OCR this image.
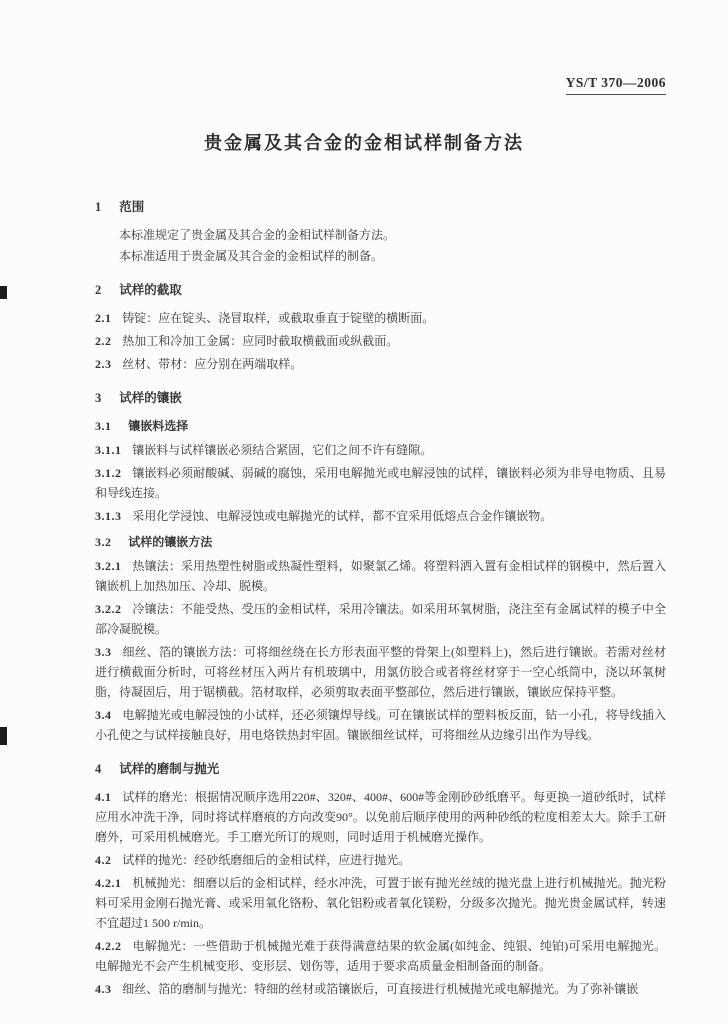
YS/T 370—2006
贵金属及其合金的金相试样制备方法
1 范围
本标准规定了贵金属及其合金的金相试样制备方法。
本标准适用于贵金属及其合金的金相试样的制备。
2 试样的截取
2.1 铸锭：应在锭头、浇冒取样，或截取垂直于锭壁的横断面。
2.2 热加工和冷加工金属：应同时截取横截面或纵截面。
2.3 丝材、带材：应分别在两端取样。
3 试样的镶嵌
3.1 镶嵌料选择
3.1.1 镶嵌料与试样镶嵌必须结合紧固，它们之间不许有缝隙。
3.1.2 镶嵌料必须耐酸碱、弱碱的腐蚀，采用电解抛光或电解浸蚀的试样，镶嵌料必须为非导电物质、且易和导线连接。
3.1.3 采用化学浸蚀、电解浸蚀或电解抛光的试样，都不宜采用低熔点合金作镶嵌物。
3.2 试样的镶嵌方法
3.2.1 热镶法：采用热塑性树脂或热凝性塑料，如聚氯乙烯。将塑料洒入置有金相试样的钢模中，然后置入镶嵌机上加热加压、冷却、脱模。
3.2.2 冷镶法：不能受热、受压的金相试样，采用冷镶法。如采用环氧树脂，浇注至有金属试样的模子中全部冷凝脱模。
3.3 细丝、箔的镶嵌方法：可将细丝绕在长方形表面平整的骨架上(如塑料上)，然后进行镶嵌。若需对丝材进行横截面分析时，可将丝材压入两片有机玻璃中，用氯仿胶合或者将丝材穿于一空心纸筒中，浇以环氧树脂，待凝固后，用于锯横截。箔材取样，必须剪取表面平整部位，然后进行镶嵌，镶嵌应保持平整。
3.4 电解抛光或电解浸蚀的小试样，还必须镶焊导线。可在镶嵌试样的塑料板反面，钻一小孔，将导线插入小孔使之与试样接触良好，用电烙铁热封牢固。镶嵌细丝试样，可将细丝从边缘引出作为导线。
4 试样的磨制与抛光
4.1 试样的磨光：根据情况顺序选用220#、320#、400#、600#等金刚砂砂纸磨平。每更换一道砂纸时，试样应用水冲洗干净，同时将试样磨痕的方向改变90°。以免前后顺序使用的两种砂纸的粒度相差太大。除手工研磨外，可采用机械磨光。手工磨光所订的规则，同时适用于机械磨光操作。
4.2 试样的抛光：经砂纸磨细后的金相试样，应进行抛光。
4.2.1 机械抛光：细磨以后的金相试样，经水冲洗，可置于嵌有抛光丝绒的抛光盘上进行机械抛光。抛光粉料可采用金刚石抛光膏、或采用氧化铬粉、氧化铝粉或者氧化镁粉，分级多次抛光。抛光贵金属试样，转速不宜超过1 500 r/min。
4.2.2 电解抛光：一些借助于机械抛光难于获得满意结果的软金属(如纯金、纯银、纯铂)可采用电解抛光。电解抛光不会产生机械变形、变形层、划伤等，适用于要求高质量金相制备面的制备。
4.3 细丝、箔的磨制与抛光：特细的丝材或箔镶嵌后，可直接进行机械抛光或电解抛光。为了弥补镶嵌
